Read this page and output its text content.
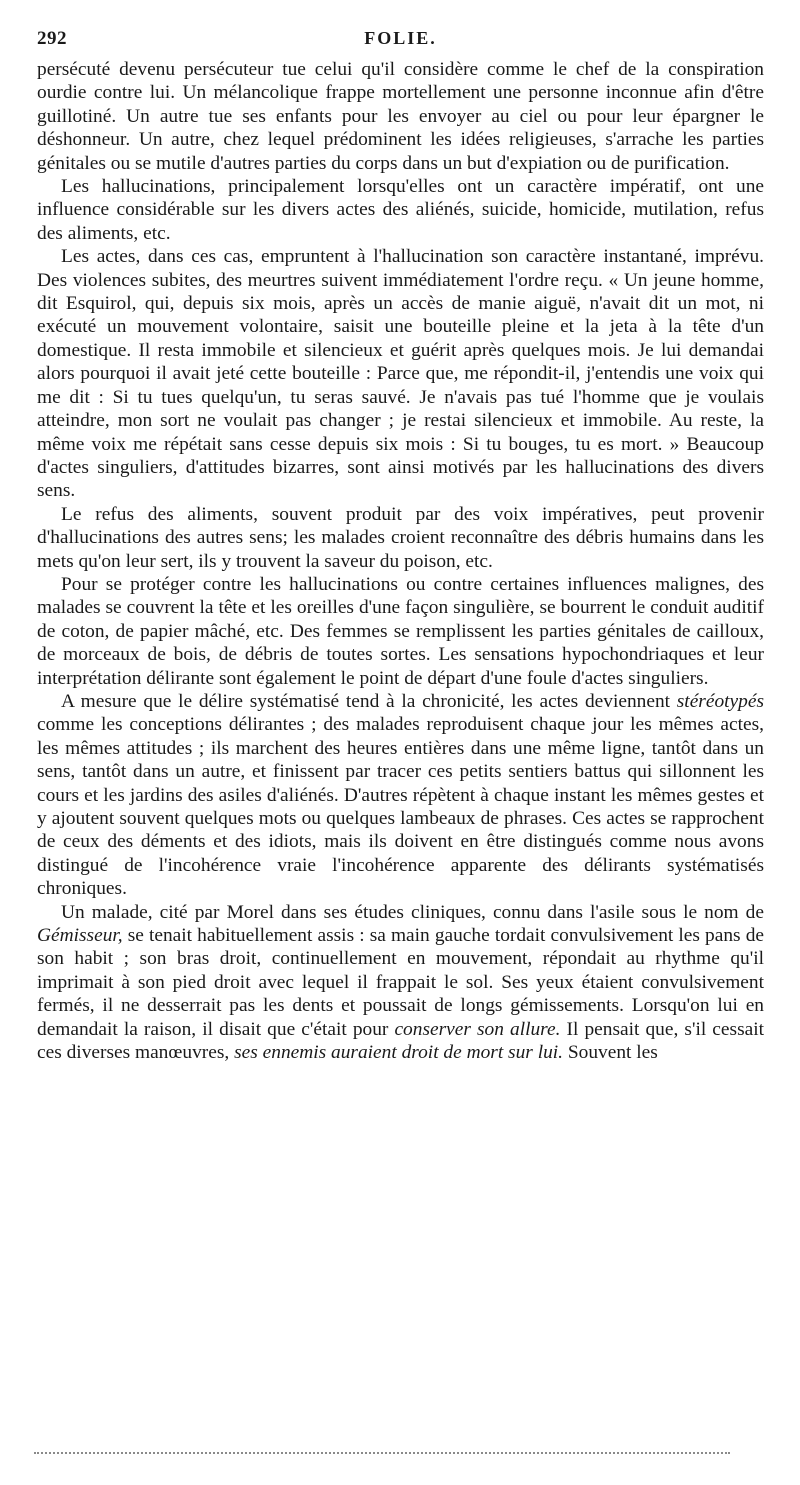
292	FOLIE.

persécuté devenu persécuteur tue celui qu'il considère comme le chef de la conspiration ourdie contre lui. Un mélancolique frappe mortellement une personne inconnue afin d'être guillotiné. Un autre tue ses enfants pour les envoyer au ciel ou pour leur épargner le déshonneur. Un autre, chez lequel prédominent les idées religieuses, s'arrache les parties génitales ou se mutile d'autres parties du corps dans un but d'expiation ou de purification.

Les hallucinations, principalement lorsqu'elles ont un caractère impératif, ont une influence considérable sur les divers actes des aliénés, suicide, homicide, mutilation, refus des aliments, etc.

Les actes, dans ces cas, empruntent à l'hallucination son caractère instantané, imprévu. Des violences subites, des meurtres suivent immédiatement l'ordre reçu. « Un jeune homme, dit Esquirol, qui, depuis six mois, après un accès de manie aiguë, n'avait dit un mot, ni exécuté un mouvement volontaire, saisit une bouteille pleine et la jeta à la tête d'un domestique. Il resta immobile et silencieux et guérit après quelques mois. Je lui demandai alors pourquoi il avait jeté cette bouteille : Parce que, me répondit-il, j'entendis une voix qui me dit : Si tu tues quelqu'un, tu seras sauvé. Je n'avais pas tué l'homme que je voulais atteindre, mon sort ne voulait pas changer ; je restai silencieux et immobile. Au reste, la même voix me répétait sans cesse depuis six mois : Si tu bouges, tu es mort. » Beaucoup d'actes singuliers, d'attitudes bizarres, sont ainsi motivés par les hallucinations des divers sens.

Le refus des aliments, souvent produit par des voix impératives, peut provenir d'hallucinations des autres sens; les malades croient reconnaître des débris humains dans les mets qu'on leur sert, ils y trouvent la saveur du poison, etc.

Pour se protéger contre les hallucinations ou contre certaines influences malignes, des malades se couvrent la tête et les oreilles d'une façon singulière, se bourrent le conduit auditif de coton, de papier mâché, etc. Des femmes se remplissent les parties génitales de cailloux, de morceaux de bois, de débris de toutes sortes. Les sensations hypochondriaques et leur interprétation délirante sont également le point de départ d'une foule d'actes singuliers.

A mesure que le délire systématisé tend à la chronicité, les actes deviennent stéréotypés comme les conceptions délirantes ; des malades reproduisent chaque jour les mêmes actes, les mêmes attitudes ; ils marchent des heures entières dans une même ligne, tantôt dans un sens, tantôt dans un autre, et finissent par tracer ces petits sentiers battus qui sillonnent les cours et les jardins des asiles d'aliénés. D'autres répètent à chaque instant les mêmes gestes et y ajoutent souvent quelques mots ou quelques lambeaux de phrases. Ces actes se rapprochent de ceux des déments et des idiots, mais ils doivent en être distingués comme nous avons distingué de l'incohérence vraie l'incohérence apparente des délirants systématisés chroniques.

Un malade, cité par Morel dans ses études cliniques, connu dans l'asile sous le nom de Gémisseur, se tenait habituellement assis : sa main gauche tordait convulsivement les pans de son habit ; son bras droit, continuellement en mouvement, répondait au rhythme qu'il imprimait à son pied droit avec lequel il frappait le sol. Ses yeux étaient convulsivement fermés, il ne desserrait pas les dents et poussait de longs gémissements. Lorsqu'on lui en demandait la raison, il disait que c'était pour conserver son allure. Il pensait que, s'il cessait ces diverses manœuvres, ses ennemis auraient droit de mort sur lui. Souvent les
